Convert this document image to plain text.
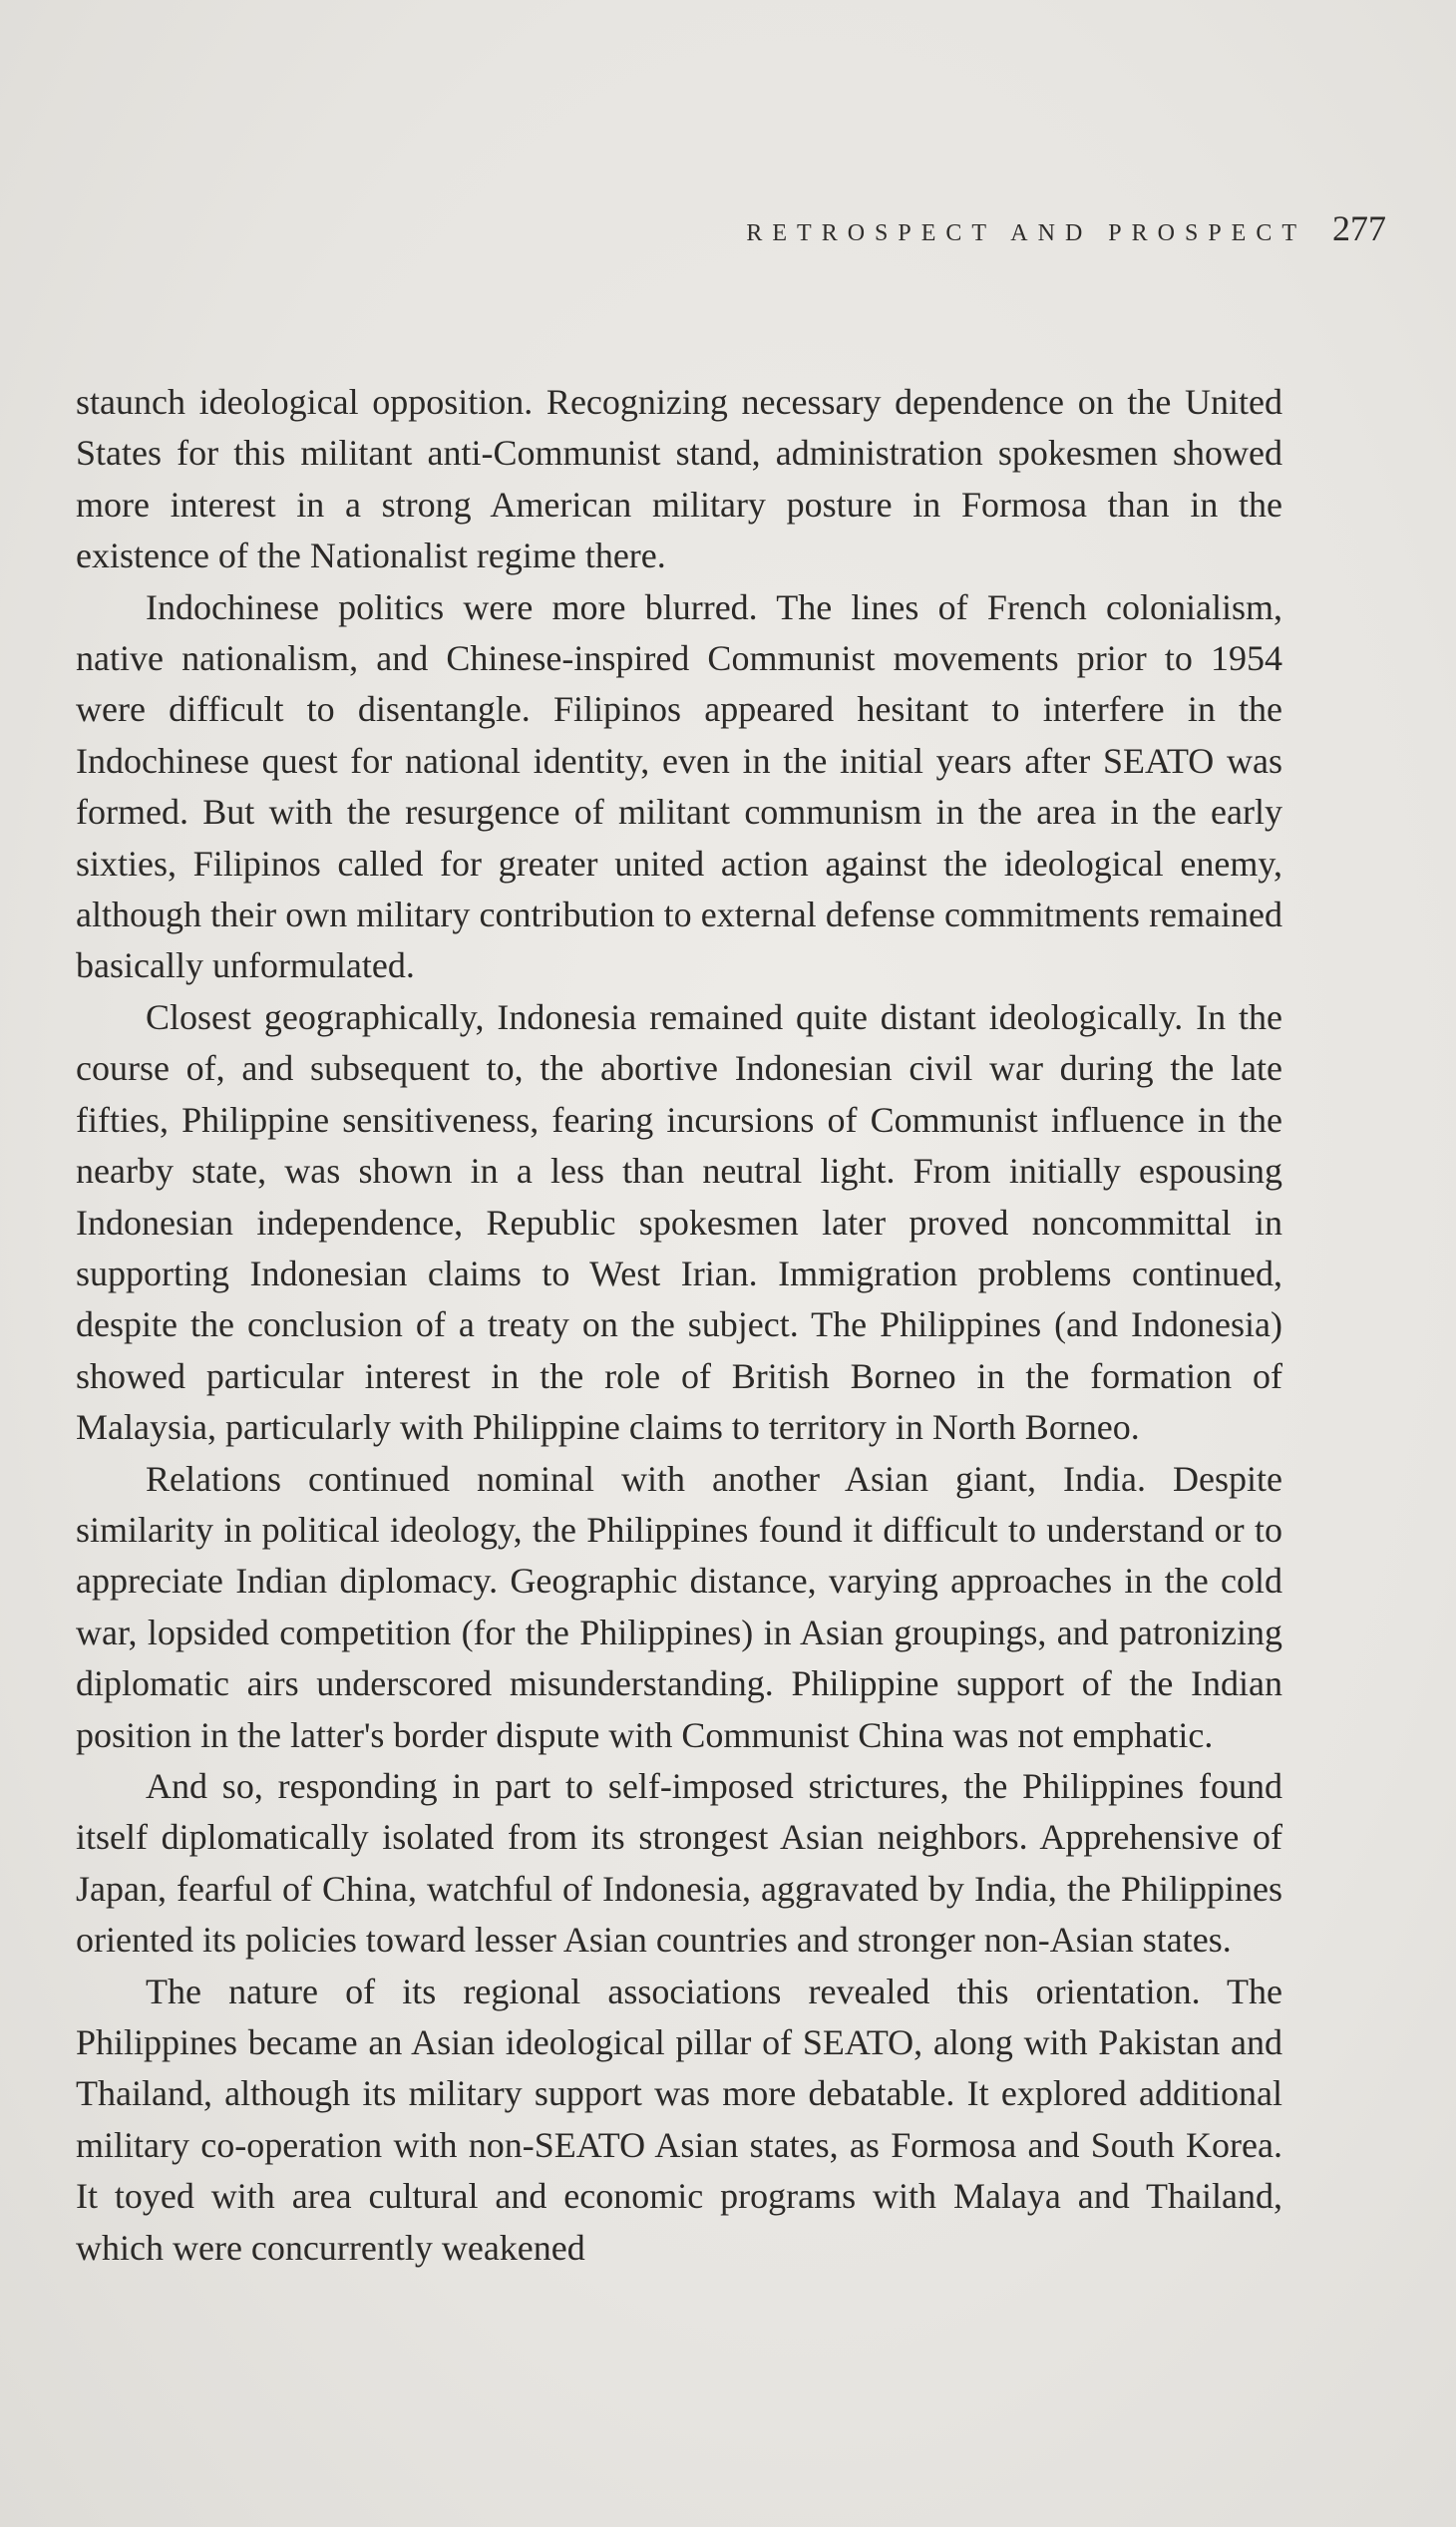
RETROSPECT AND PROSPECT 277

staunch ideological opposition. Recognizing necessary dependence on the United States for this militant anti-Communist stand, administration spokesmen showed more interest in a strong American military posture in Formosa than in the existence of the Nationalist regime there.

Indochinese politics were more blurred. The lines of French colonialism, native nationalism, and Chinese-inspired Communist movements prior to 1954 were difficult to disentangle. Filipinos appeared hesitant to interfere in the Indochinese quest for national identity, even in the initial years after SEATO was formed. But with the resurgence of militant communism in the area in the early sixties, Filipinos called for greater united action against the ideological enemy, although their own military contribution to external defense commitments remained basically unformulated.

Closest geographically, Indonesia remained quite distant ideologically. In the course of, and subsequent to, the abortive Indonesian civil war during the late fifties, Philippine sensitiveness, fearing incursions of Communist influence in the nearby state, was shown in a less than neutral light. From initially espousing Indonesian independence, Republic spokesmen later proved noncommittal in supporting Indonesian claims to West Irian. Immigration problems continued, despite the conclusion of a treaty on the subject. The Philippines (and Indonesia) showed particular interest in the role of British Borneo in the formation of Malaysia, particularly with Philippine claims to territory in North Borneo.

Relations continued nominal with another Asian giant, India. Despite similarity in political ideology, the Philippines found it difficult to understand or to appreciate Indian diplomacy. Geographic distance, varying approaches in the cold war, lopsided competition (for the Philippines) in Asian groupings, and patronizing diplomatic airs underscored misunderstanding. Philippine support of the Indian position in the latter's border dispute with Communist China was not emphatic.

And so, responding in part to self-imposed strictures, the Philippines found itself diplomatically isolated from its strongest Asian neighbors. Apprehensive of Japan, fearful of China, watchful of Indonesia, aggravated by India, the Philippines oriented its policies toward lesser Asian countries and stronger non-Asian states.

The nature of its regional associations revealed this orientation. The Philippines became an Asian ideological pillar of SEATO, along with Pakistan and Thailand, although its military support was more debatable. It explored additional military co-operation with non-SEATO Asian states, as Formosa and South Korea. It toyed with area cultural and economic programs with Malaya and Thailand, which were concurrently weakened
